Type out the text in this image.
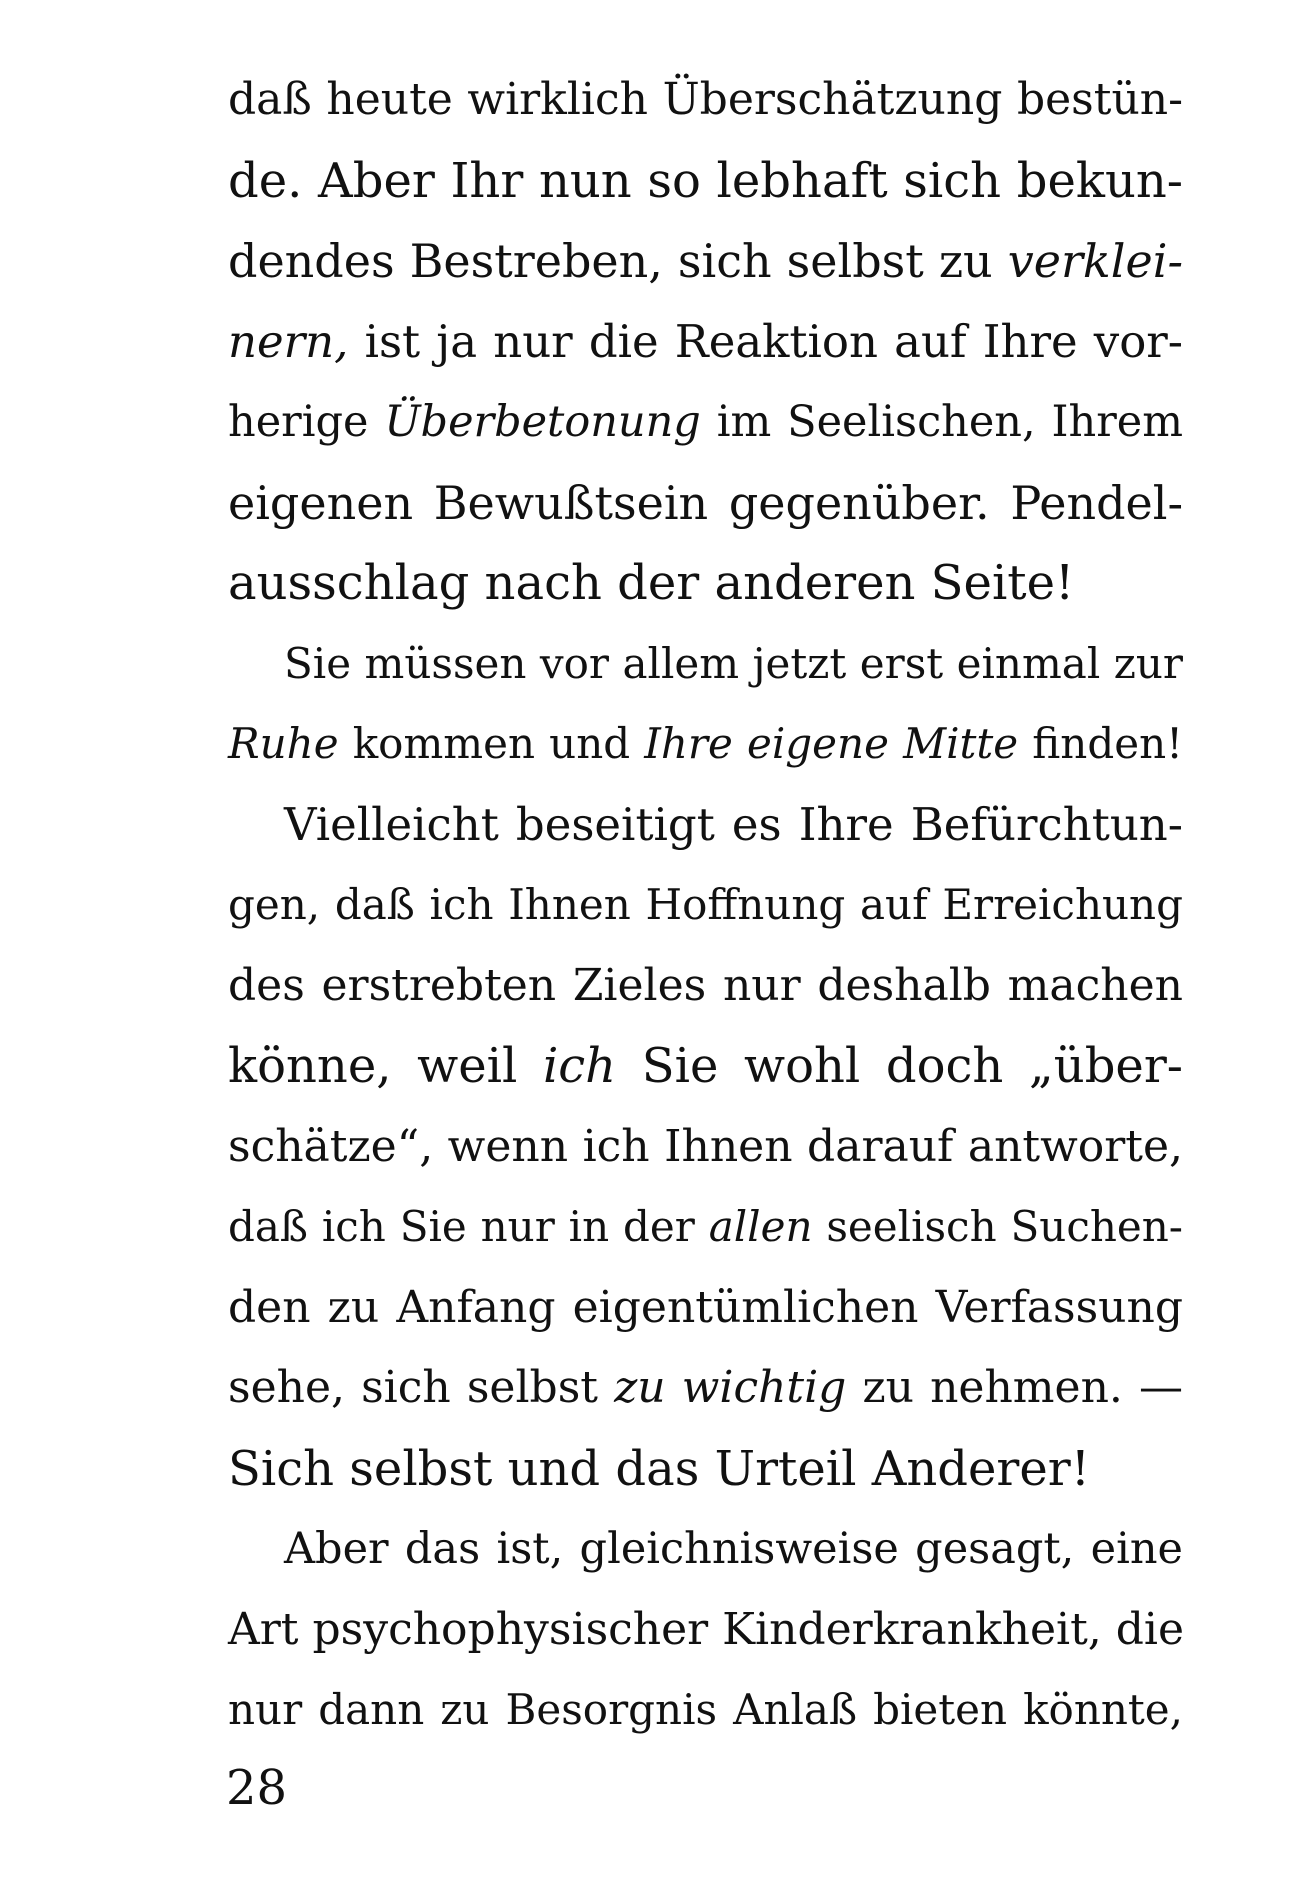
daß heute wirklich Überschätzung bestün-
de. Aber Ihr nun so lebhaft sich bekun-
dendes Bestreben, sich selbst zu verklei-
nern, ist ja nur die Reaktion auf Ihre vor-
herige Überbetonung im Seelischen, Ihrem
eigenen Bewußtsein gegenüber. Pendel-
ausschlag nach der anderen Seite!
Sie müssen vor allem jetzt erst einmal zur
Ruhe kommen und Ihre eigene Mitte finden!
Vielleicht beseitigt es Ihre Befürchtun-
gen, daß ich Ihnen Hoffnung auf Erreichung
des erstrebten Zieles nur deshalb machen
könne, weil ich Sie wohl doch „über-
schätze“, wenn ich Ihnen darauf antworte,
daß ich Sie nur in der allen seelisch Suchen-
den zu Anfang eigentümlichen Verfassung
sehe, sich selbst zu wichtig zu nehmen. —
Sich selbst und das Urteil Anderer!
Aber das ist, gleichnisweise gesagt, eine
Art psychophysischer Kinderkrankheit, die
nur dann zu Besorgnis Anlaß bieten könnte,
28
